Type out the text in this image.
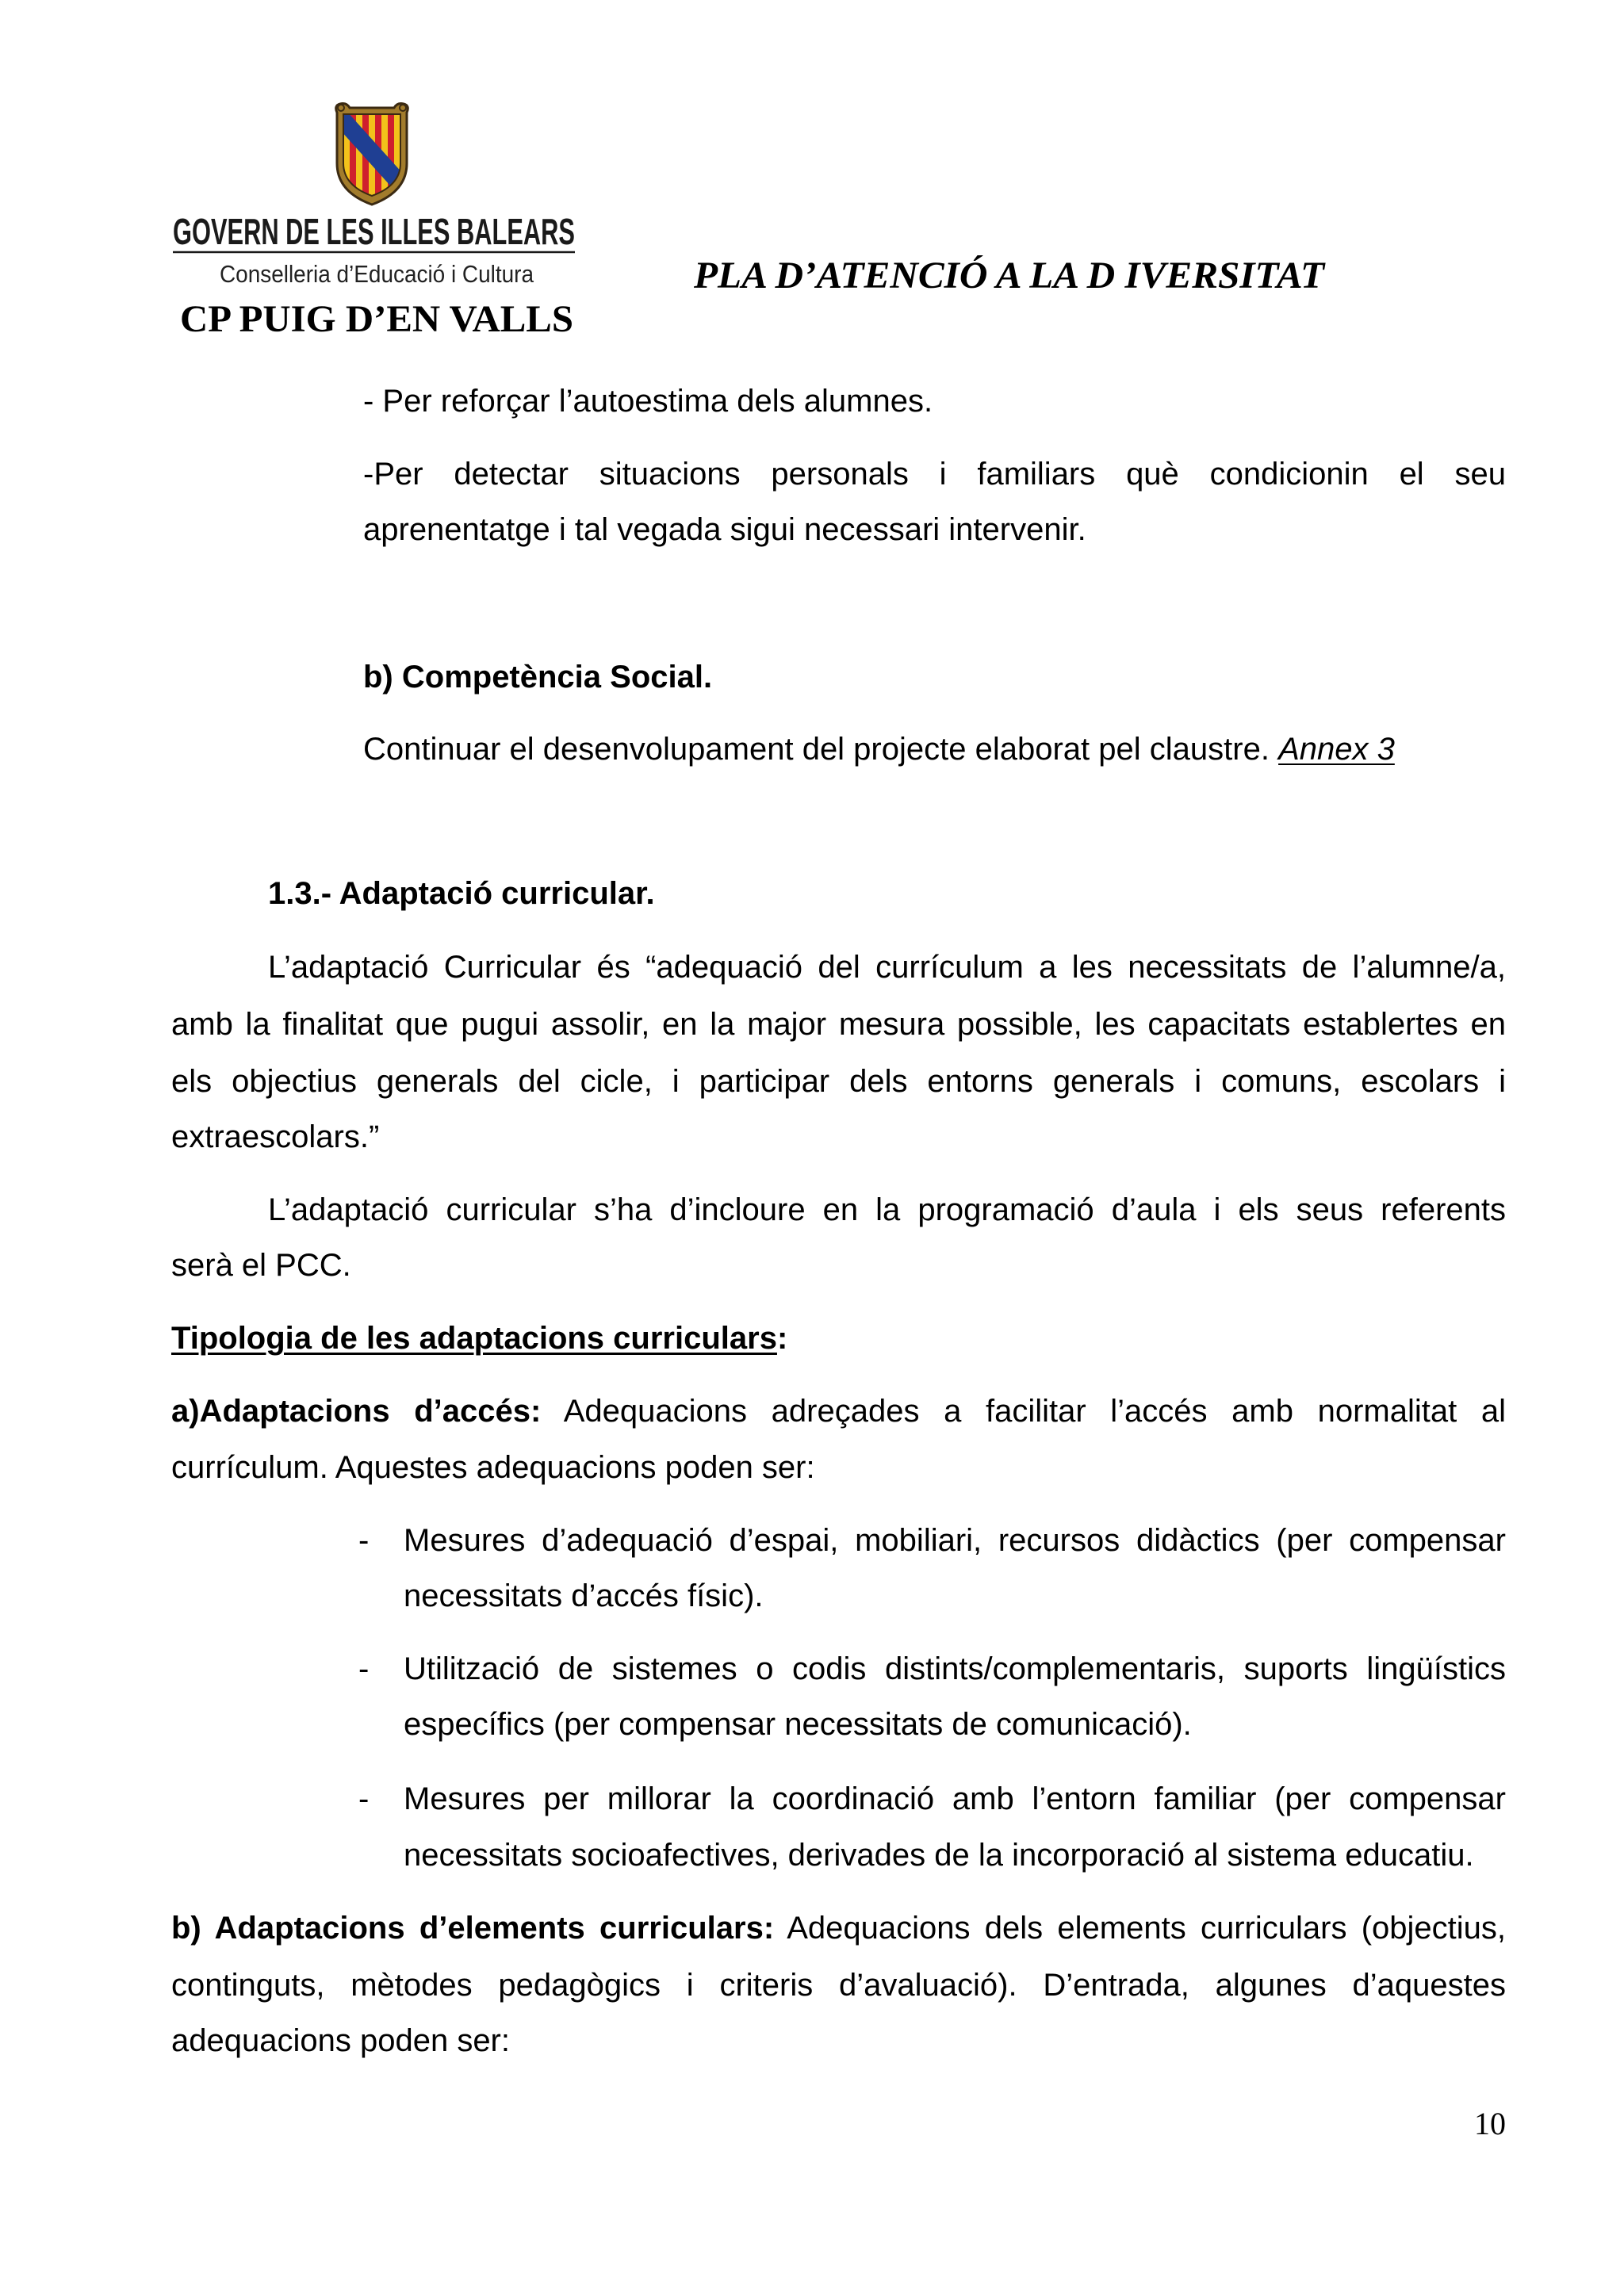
GOVERN DE LES ILLES BALEARS
Conselleria d’Educació i Cultura	PLA D’ATENCIÓ A LA D IVERSITAT
CP PUIG D’EN VALLS
- Per reforçar l’autoestima dels alumnes.
-Per detectar situacions personals i familiars què condicionin el seu
aprenentatge i tal vegada sigui necessari intervenir.
b) Competència Social.
Continuar el desenvolupament del projecte elaborat pel claustre. Annex 3
1.3.- Adaptació curricular.
L’adaptació Curricular és “adequació del currículum a les necessitats de l’alumne/a,
amb la finalitat que pugui assolir, en la major mesura possible, les capacitats establertes en
els objectius generals del cicle, i participar dels entorns generals i comuns, escolars i
extraescolars.”
L’adaptació curricular s’ha d’incloure en la programació d’aula i els seus referents
serà el PCC.
Tipologia de les adaptacions curriculars:
a)Adaptacions d’accés: Adequacions adreçades a facilitar l’accés amb normalitat al
currículum. Aquestes adequacions poden ser:
- Mesures d’adequació d’espai, mobiliari, recursos didàctics (per compensar
necessitats d’accés físic).
- Utilització de sistemes o codis distints/complementaris, suports lingüístics
específics (per compensar necessitats de comunicació).
- Mesures per millorar la coordinació amb l’entorn familiar (per compensar
necessitats socioafectives, derivades de la incorporació al sistema educatiu.
b) Adaptacions d’elements curriculars: Adequacions dels elements curriculars (objectius,
continguts, mètodes pedagògics i criteris d’avaluació). D’entrada, algunes d’aquestes
adequacions poden ser:
10
